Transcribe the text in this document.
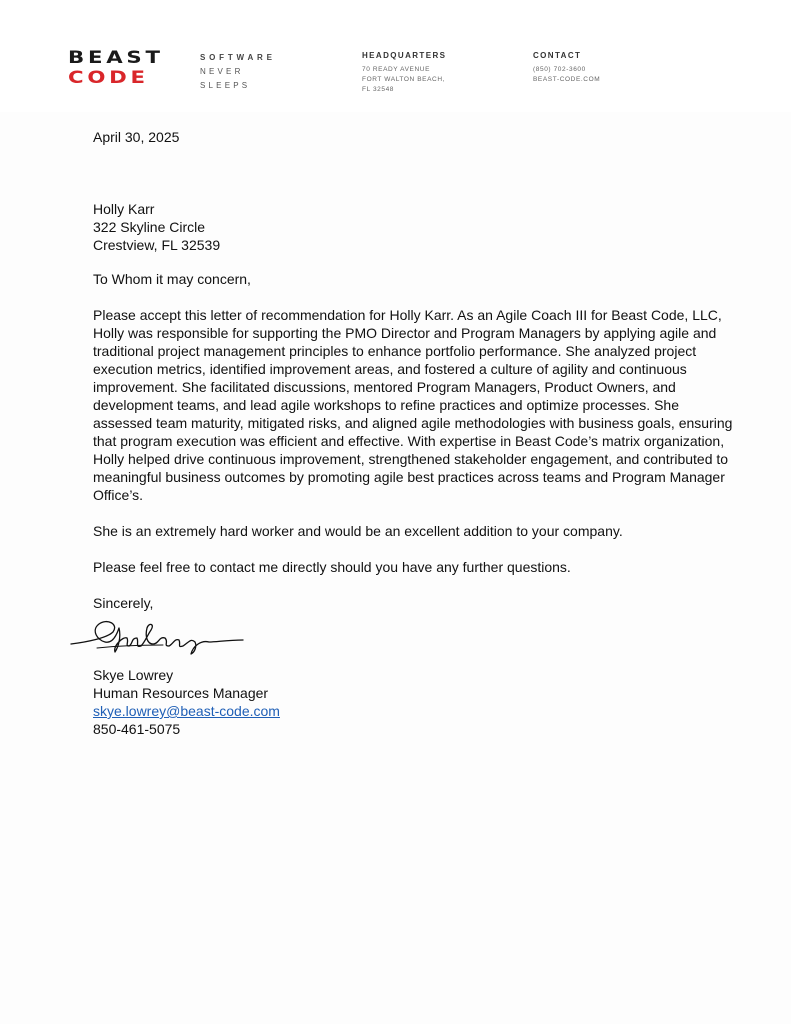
BEAST
CODE
SOFTWARE
NEVER
SLEEPS
HEADQUARTERS
70 READY AVENUE
FORT WALTON BEACH,
FL 32548
CONTACT
(850) 702-3600
BEAST-CODE.COM

April 30, 2025

Holly Karr

322 Skyline Circle

Crestview, FL 32539

To Whom it may concern,

Please accept this letter of recommendation for Holly Karr. As an Agile Coach III for Beast Code, LLC, Holly was responsible for supporting the PMO Director and Program Managers by applying agile and traditional project management principles to enhance portfolio performance. She analyzed project execution metrics, identified improvement areas, and fostered a culture of agility and continuous improvement. She facilitated discussions, mentored Program Managers, Product Owners, and development teams, and lead agile workshops to refine practices and optimize processes. She assessed team maturity, mitigated risks, and aligned agile methodologies with business goals, ensuring that program execution was efficient and effective. With expertise in Beast Code’s matrix organization, Holly helped drive continuous improvement, strengthened stakeholder engagement, and contributed to meaningful business outcomes by promoting agile best practices across teams and Program Manager Office’s.

She is an extremely hard worker and would be an excellent addition to your company.

Please feel free to contact me directly should you have any further questions.

Sincerely,

Skye Lowrey

Human Resources Manager

skye.lowrey@beast-code.com

850-461-5075
